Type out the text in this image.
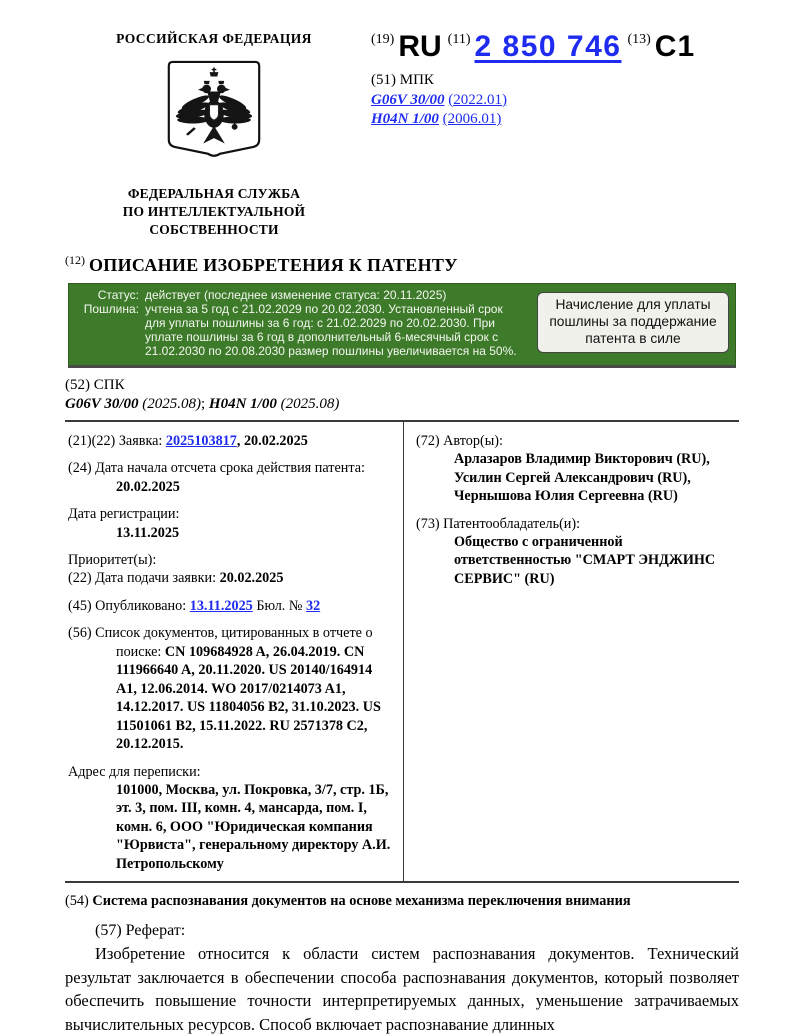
РОССИЙСКАЯ ФЕДЕРАЦИЯ
ФЕДЕРАЛЬНАЯ СЛУЖБА
ПО ИНТЕЛЛЕКТУАЛЬНОЙ СОБСТВЕННОСТИ
(19) RU (11) 2 850 746 (13) C1
(51) МПК
G06V 30/00 (2022.01)
H04N 1/00 (2006.01)
$^{(12)}$ ОПИСАНИЕ ИЗОБРЕТЕНИЯ К ПАТЕНТУ
Статус: действует (последнее изменение статуса: 20.11.2025)
Пошлина: учтена за 5 год с 21.02.2029 по 20.02.2030. Установленный срок для уплаты пошлины за 6 год: с 21.02.2029 по 20.02.2030. При уплате пошлины за 6 год в дополнительный 6-месячный срок с 21.02.2030 по 20.08.2030 размер пошлины увеличивается на 50%.
Начисление для уплаты пошлины за поддержание патента в силе
(52) СПК
G06V 30/00 (2025.08); H04N 1/00 (2025.08)
(21)(22) Заявка: 2025103817, 20.02.2025
(24) Дата начала отсчета срока действия патента:
20.02.2025
Дата регистрации:
13.11.2025
Приоритет(ы):
(22) Дата подачи заявки: 20.02.2025
(45) Опубликовано: 13.11.2025 Бюл. № 32
(56) Список документов, цитированных в отчете о поиске: CN 109684928 A, 26.04.2019. CN 111966640 A, 20.11.2020. US 20140/164914 A1, 12.06.2014. WO 2017/0214073 A1, 14.12.2017. US 11804056 B2, 31.10.2023. US 11501061 B2, 15.11.2022. RU 2571378 C2, 20.12.2015.
Адрес для переписки:
101000, Москва, ул. Покровка, 3/7, стр. 1Б, эт. 3, пом. III, комн. 4, мансарда, пом. I, комн. 6, ООО "Юридическая компания "Юрвиста", генеральному директору А.И. Петропольскому
(72) Автор(ы):
Арлазаров Владимир Викторович (RU),
Усилин Сергей Александрович (RU),
Чернышова Юлия Сергеевна (RU)
(73) Патентообладатель(и):
Общество с ограниченной ответственностью "СМАРТ ЭНДЖИНС СЕРВИС" (RU)
(54) Система распознавания документов на основе механизма переключения внимания
(57) Реферат:
Изобретение относится к области систем распознавания документов. Технический результат заключается в обеспечении способа распознавания документов, который позволяет обеспечить повышение точности интерпретируемых данных, уменьшение затрачиваемых вычислительных ресурсов. Способ включает распознавание длинных
